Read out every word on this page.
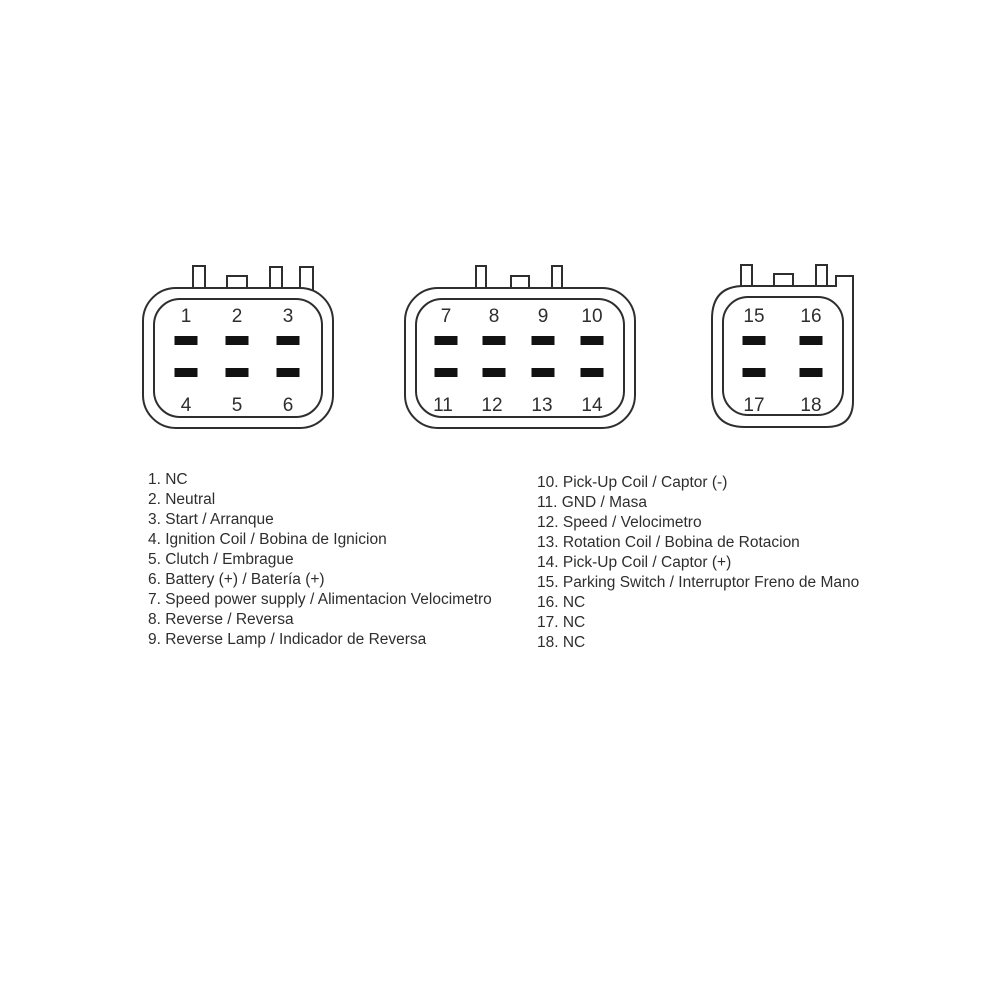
1 2 3
4 5 6
7 8 9 10
11 12 13 14
15 16
17 18
1. NC
2. Neutral
3. Start / Arranque
4. Ignition Coil / Bobina de Ignicion
5. Clutch / Embrague
6. Battery (+) / Batería (+)
7. Speed power supply / Alimentacion Velocimetro
8. Reverse / Reversa
9. Reverse Lamp / Indicador de Reversa
10. Pick-Up Coil / Captor (-)
11. GND / Masa
12. Speed / Velocimetro
13. Rotation Coil / Bobina de Rotacion
14. Pick-Up Coil / Captor (+)
15. Parking Switch / Interruptor Freno de Mano
16. NC
17. NC
18. NC
